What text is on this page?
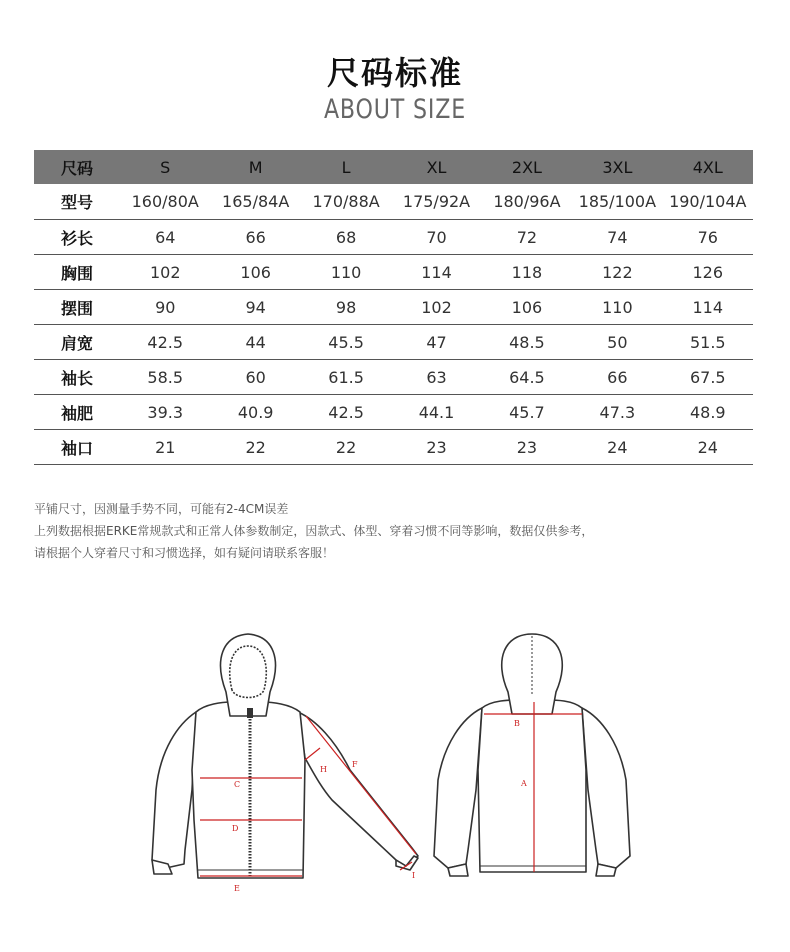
尺码标准
ABOUT SIZE
尺码	S	M	L	XL	2XL	3XL	4XL
型号	160/80A	165/84A	170/88A	175/92A	180/96A	185/100A	190/104A
衫长	64	66	68	70	72	74	76
胸围	102	106	110	114	118	122	126
摆围	90	94	98	102	106	110	114
肩宽	42.5	44	45.5	47	48.5	50	51.5
袖长	58.5	60	61.5	63	64.5	66	67.5
袖肥	39.3	40.9	42.5	44.1	45.7	47.3	48.9
袖口	21	22	22	23	23	24	24
平铺尺寸，因测量手势不同，可能有2-4CM误差
上列数据根据ERKE常规款式和正常人体参数制定，因款式、体型、穿着习惯不同等影响，数据仅供参考，
请根据个人穿着尺寸和习惯选择，如有疑问请联系客服！
C
D
E
F
H
I
B
A
